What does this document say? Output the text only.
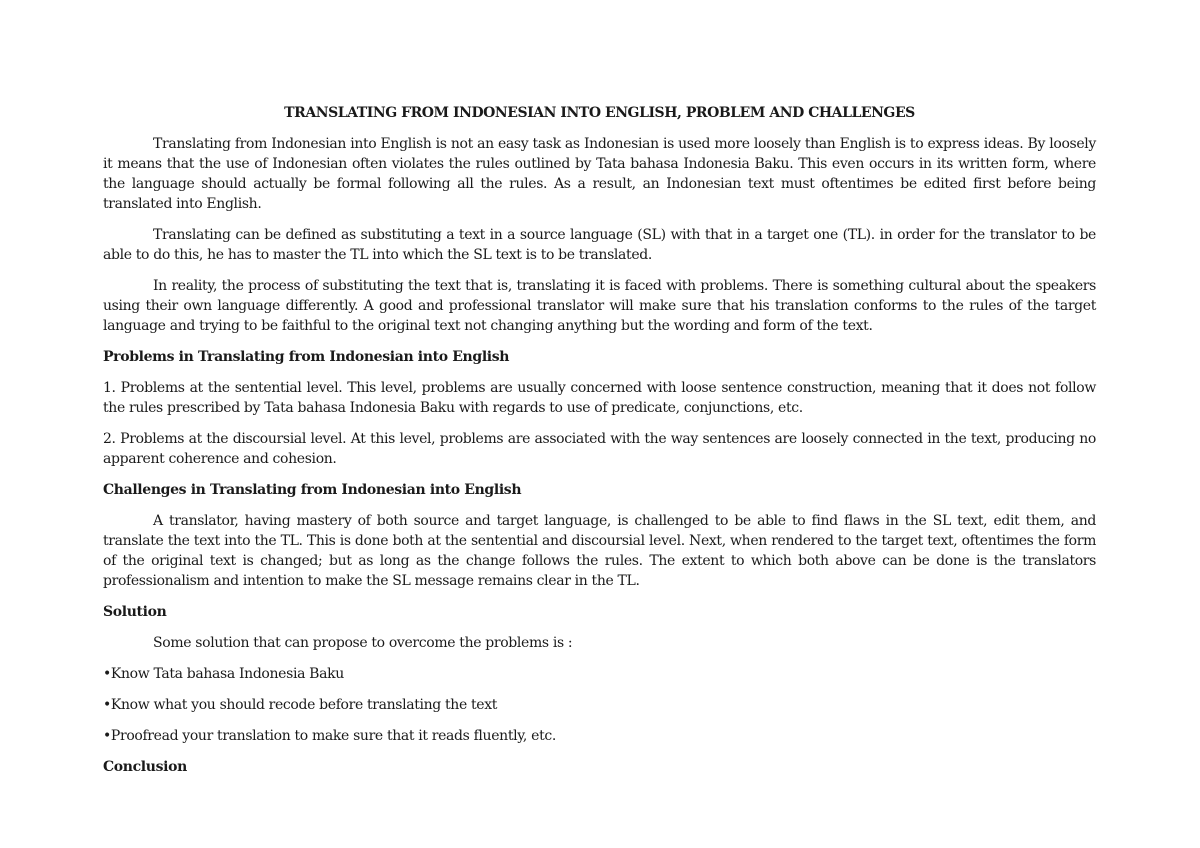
TRANSLATING FROM INDONESIAN INTO ENGLISH, PROBLEM AND CHALLENGES

Translating from Indonesian into English is not an easy task as Indonesian is used more loosely than English is to express ideas. By loosely it means that the use of Indonesian often violates the rules outlined by Tata bahasa Indonesia Baku. This even occurs in its written form, where the language should actually be formal following all the rules. As a result, an Indonesian text must oftentimes be edited first before being translated into English.

Translating can be defined as substituting a text in a source language (SL) with that in a target one (TL). in order for the translator to be able to do this, he has to master the TL into which the SL text is to be translated.

In reality, the process of substituting the text that is, translating it is faced with problems. There is something cultural about the speakers using their own language differently. A good and professional translator will make sure that his translation conforms to the rules of the target language and trying to be faithful to the original text not changing anything but the wording and form of the text.

Problems in Translating from Indonesian into English

1. Problems at the sentential level. This level, problems are usually concerned with loose sentence construction, meaning that it does not follow the rules prescribed by Tata bahasa Indonesia Baku with regards to use of predicate, conjunctions, etc.

2. Problems at the discoursial level. At this level, problems are associated with the way sentences are loosely connected in the text, producing no apparent coherence and cohesion.

Challenges in Translating from Indonesian into English

A translator, having mastery of both source and target language, is challenged to be able to find flaws in the SL text, edit them, and translate the text into the TL. This is done both at the sentential and discoursial level. Next, when rendered to the target text, oftentimes the form of the original text is changed; but as long as the change follows the rules. The extent to which both above can be done is the translators professionalism and intention to make the SL message remains clear in the TL.

Solution

Some solution that can propose to overcome the problems is :

•Know Tata bahasa Indonesia Baku

•Know what you should recode before translating the text

•Proofread your translation to make sure that it reads fluently, etc.

Conclusion
